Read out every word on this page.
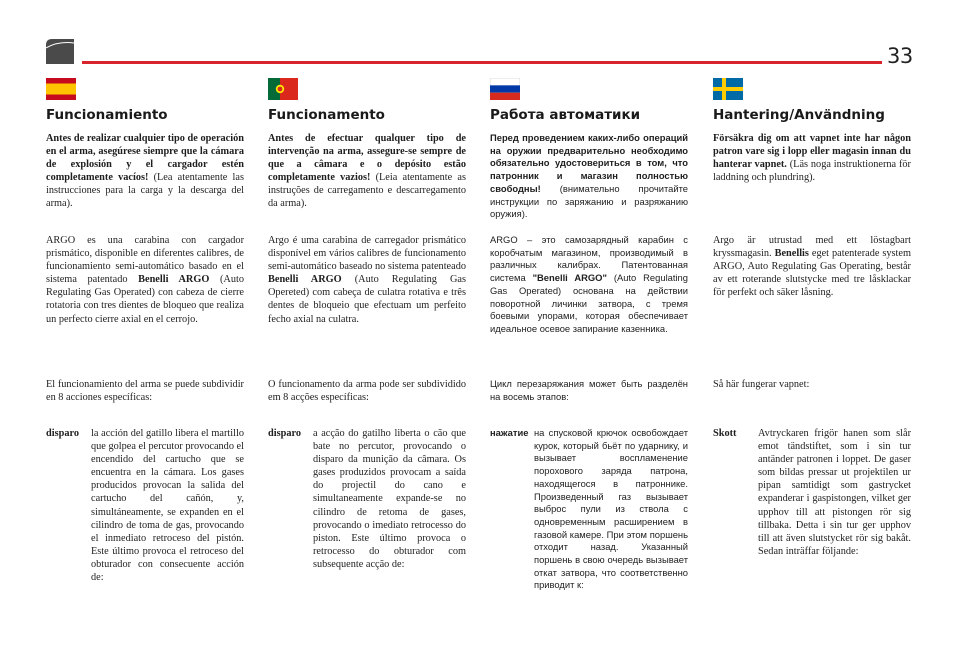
33
Funcionamiento

Antes de realizar cualquier tipo de operación en el arma, asegúrese siempre que la cámara de explosión y el cargador estén completamente vacíos! (Lea atentamente las instrucciones para la carga y la descarga del arma).

ARGO es una carabina con cargador prismático, disponible en diferentes calibres, de funcionamiento semi-automático basado en el sistema patentado Benelli ARGO (Auto Regulating Gas Operated) con cabeza de cierre rotatoria con tres dientes de bloqueo que realiza un perfecto cierre axial en el cerrojo.

El funcionamiento del arma se puede subdividir en 8 acciones específicas:

disparo la acción del gatillo libera el martillo que golpea el percutor provocando el encendido del cartucho que se encuentra en la cámara. Los gases producidos provocan la salida del cartucho del cañón, y, simultáneamente, se expanden en el cilindro de toma de gas, provocando el inmediato retroceso del pistón. Este último provoca el retroceso del obturador con consecuente acción de:

Funcionamento

Antes de efectuar qualquer tipo de intervenção na arma, assegure-se sempre de que a câmara e o depósito estão completamente vazios! (Leia atentamente as instruções de carregamento e descarregamento da arma).

Argo é uma carabina de carregador prismático disponível em vários calibres de funcionamento semi-automático baseado no sistema patenteado Benelli ARGO (Auto Regulating Gas Opereted) com cabeça de culatra rotativa e três dentes de bloqueio que efectuam um perfeito fecho axial na culatra.

O funcionamento da arma pode ser subdividido em 8 acções específicas:

disparo a acção do gatilho liberta o cão que bate no percutor, provocando o disparo da munição da câmara. Os gases produzidos provocam a saída do projectil do cano e simultaneamente expande-se no cilindro de retoma de gases, provocando o imediato retrocesso do piston. Este último provoca o retrocesso do obturador com subsequente acção de:

Работа автоматики

Перед проведением каких-либо операций на оружии предварительно необходимо обязательно удостовериться в том, что патронник и магазин полностью свободны! (внимательно прочитайте инструкции по заряжанию и разряжанию оружия).

ARGO – это самозарядный карабин с коробчатым магазином, производимый в различных калибрах. Патентованная система "Benelli ARGO" (Auto Regulating Gas Operated) основана на действии поворотной личинки затвора, с тремя боевыми упорами, которая обеспечивает идеальное осевое запирание казенника.

Цикл перезаряжания может быть разделён на восемь этапов:

нажатие на спусковой крючок освобождает курок, который бьёт по ударнику, и вызывает воспламенение порохового заряда патрона, находящегося в патроннике. Произведенный газ вызывает выброс пули из ствола с одновременным расширением в газовой камере. При этом поршень отходит назад. Указанный поршень в свою очередь вызывает откат затвора, что соответственно приводит к:

Hantering/Användning

Försäkra dig om att vapnet inte har någon patron vare sig i lopp eller magasin innan du hanterar vapnet. (Läs noga instruktionerna för laddning och plundring).

Argo är utrustad med ett löstagbart kryssmagasin. Benellis eget patenterade system ARGO, Auto Regulating Gas Operating, består av ett roterande slutstycke med tre låsklackar för perfekt och säker låsning.

Så här fungerar vapnet:

Skott Avtryckaren frigör hanen som slår emot tändstiftet, som i sin tur antänder patronen i loppet. De gaser som bildas pressar ut projektilen ur pipan samtidigt som gastrycket expanderar i gaspistongen, vilket ger upphov till att pistongen rör sig tillbaka. Detta i sin tur ger upphov till att även slutstycket rör sig bakåt. Sedan inträffar följande:
